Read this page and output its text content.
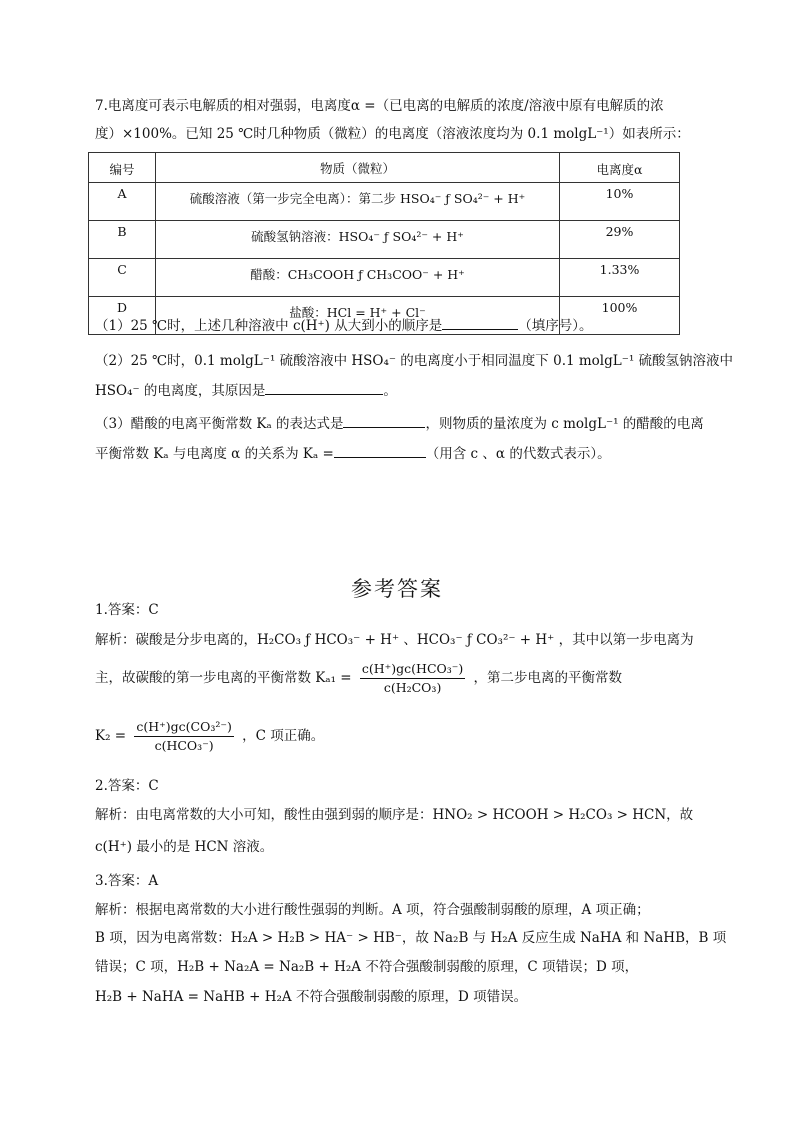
7.电离度可表示电解质的相对强弱，电离度α =（已电离的电解质的浓度/溶液中原有电解质的浓
度）×100%。已知 25 ℃时几种物质（微粒）的电离度（溶液浓度均为 0.1 molgL⁻¹）如表所示：
编号	物质（微粒）	电离度α
A	硫酸溶液（第一步完全电离）：第二步 HSO₄⁻ ƒ SO₄²⁻ + H⁺	10%
B	硫酸氢钠溶液：HSO₄⁻ ƒ SO₄²⁻ + H⁺	29%
C	醋酸：CH₃COOH ƒ CH₃COO⁻ + H⁺	1.33%
D	盐酸：HCl = H⁺ + Cl⁻	100%
（1）25 ℃时，上述几种溶液中 c(H⁺) 从大到小的顺序是	（填序号）。
（2）25 ℃时，0.1 molgL⁻¹ 硫酸溶液中 HSO₄⁻ 的电离度小于相同温度下 0.1 molgL⁻¹ 硫酸氢钠溶液中
HSO₄⁻ 的电离度，其原因是	。
（3）醋酸的电离平衡常数 Kₐ 的表达式是	，则物质的量浓度为 c molgL⁻¹ 的醋酸的电离
平衡常数 Kₐ 与电离度 α 的关系为 Kₐ =	（用含 c 、α 的代数式表示）。
参考答案
1.答案：C
解析：碳酸是分步电离的，H₂CO₃ ƒ HCO₃⁻ + H⁺ 、HCO₃⁻ ƒ CO₃²⁻ + H⁺ ，其中以第一步电离为
主，故碳酸的第一步电离的平衡常数 $K_{a1} = \frac{\text{c(H⁺)gc(HCO₃⁻)}}{\text{c(H₂CO₃)}}$ ，第二步电离的平衡常数
$K_2 = \frac{\text{c(H⁺)gc(CO₃²⁻)}}{\text{c(HCO₃⁻)}}$ ，C 项正确。
2.答案：C
解析：由电离常数的大小可知，酸性由强到弱的顺序是：HNO₂ > HCOOH > H₂CO₃ > HCN，故
c(H⁺) 最小的是 HCN 溶液。
3.答案：A
解析：根据电离常数的大小进行酸性强弱的判断。A 项，符合强酸制弱酸的原理，A 项正确；
B 项，因为电离常数：H₂A > H₂B > HA⁻ > HB⁻，故 Na₂B 与 H₂A 反应生成 NaHA 和 NaHB，B 项
错误；C 项，H₂B + Na₂A = Na₂B + H₂A 不符合强酸制弱酸的原理，C 项错误；D 项，
H₂B + NaHA = NaHB + H₂A 不符合强酸制弱酸的原理，D 项错误。
